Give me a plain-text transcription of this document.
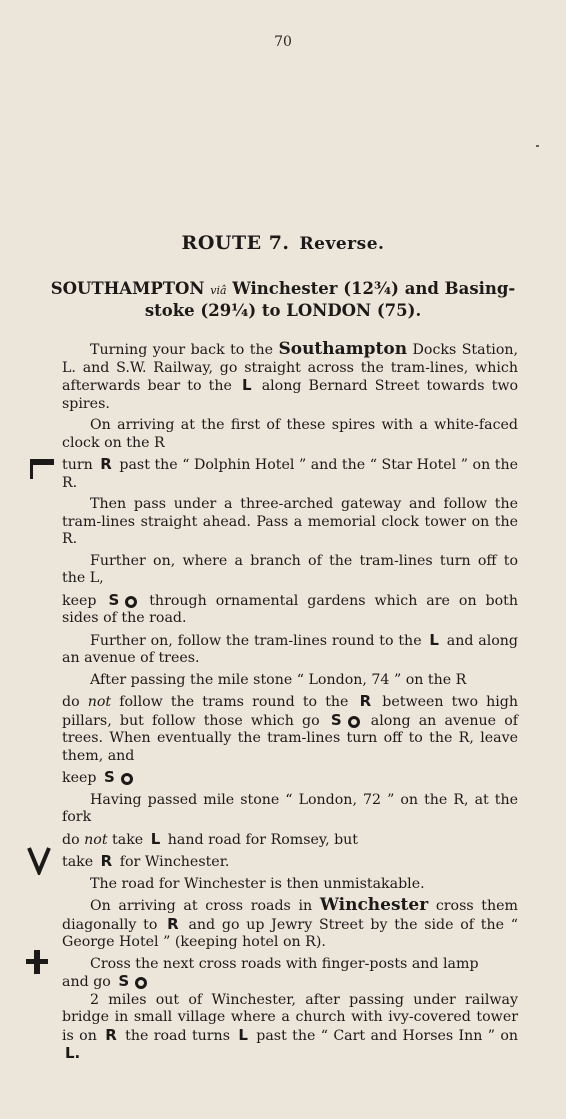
70
ROUTE 7. Reverse.
SOUTHAMPTON viâ Winchester (12¾) and Basing-
stoke (29¼) to LONDON (75).

Turning your back to the Southampton Docks Station, L. and S.W. Railway, go straight across the tram-lines, which afterwards bear to the L along Bernard Street towards two spires.

On arriving at the first of these spires with a white-faced clock on the R

turn R past the “ Dolphin Hotel ” and the “ Star Hotel ” on the R.

Then pass under a three-arched gateway and follow the tram-lines straight ahead. Pass a memorial clock tower on the R.

Further on, where a branch of the tram-lines turn off to the L,

keep S through ornamental gardens which are on both sides of the road.

Further on, follow the tram-lines round to the L and along an avenue of trees.

After passing the mile stone “ London, 74 ” on the R

do not follow the trams round to the R between two high pillars, but follow those which go S along an avenue of trees. When eventually the tram-lines turn off to the R, leave them, and

keep S

Having passed mile stone “ London, 72 ” on the R, at the fork

do not take L hand road for Romsey, but

take R for Winchester.

The road for Winchester is then unmistakable.

On arriving at cross roads in Winchester cross them diagonally to R and go up Jewry Street by the side of the “ George Hotel ” (keeping hotel on R).

Cross the next cross roads with finger-posts and lamp

and go S

2 miles out of Winchester, after passing under railway bridge in small village where a church with ivy-covered tower is on R the road turns L past the “ Cart and Horses Inn ” on L.
